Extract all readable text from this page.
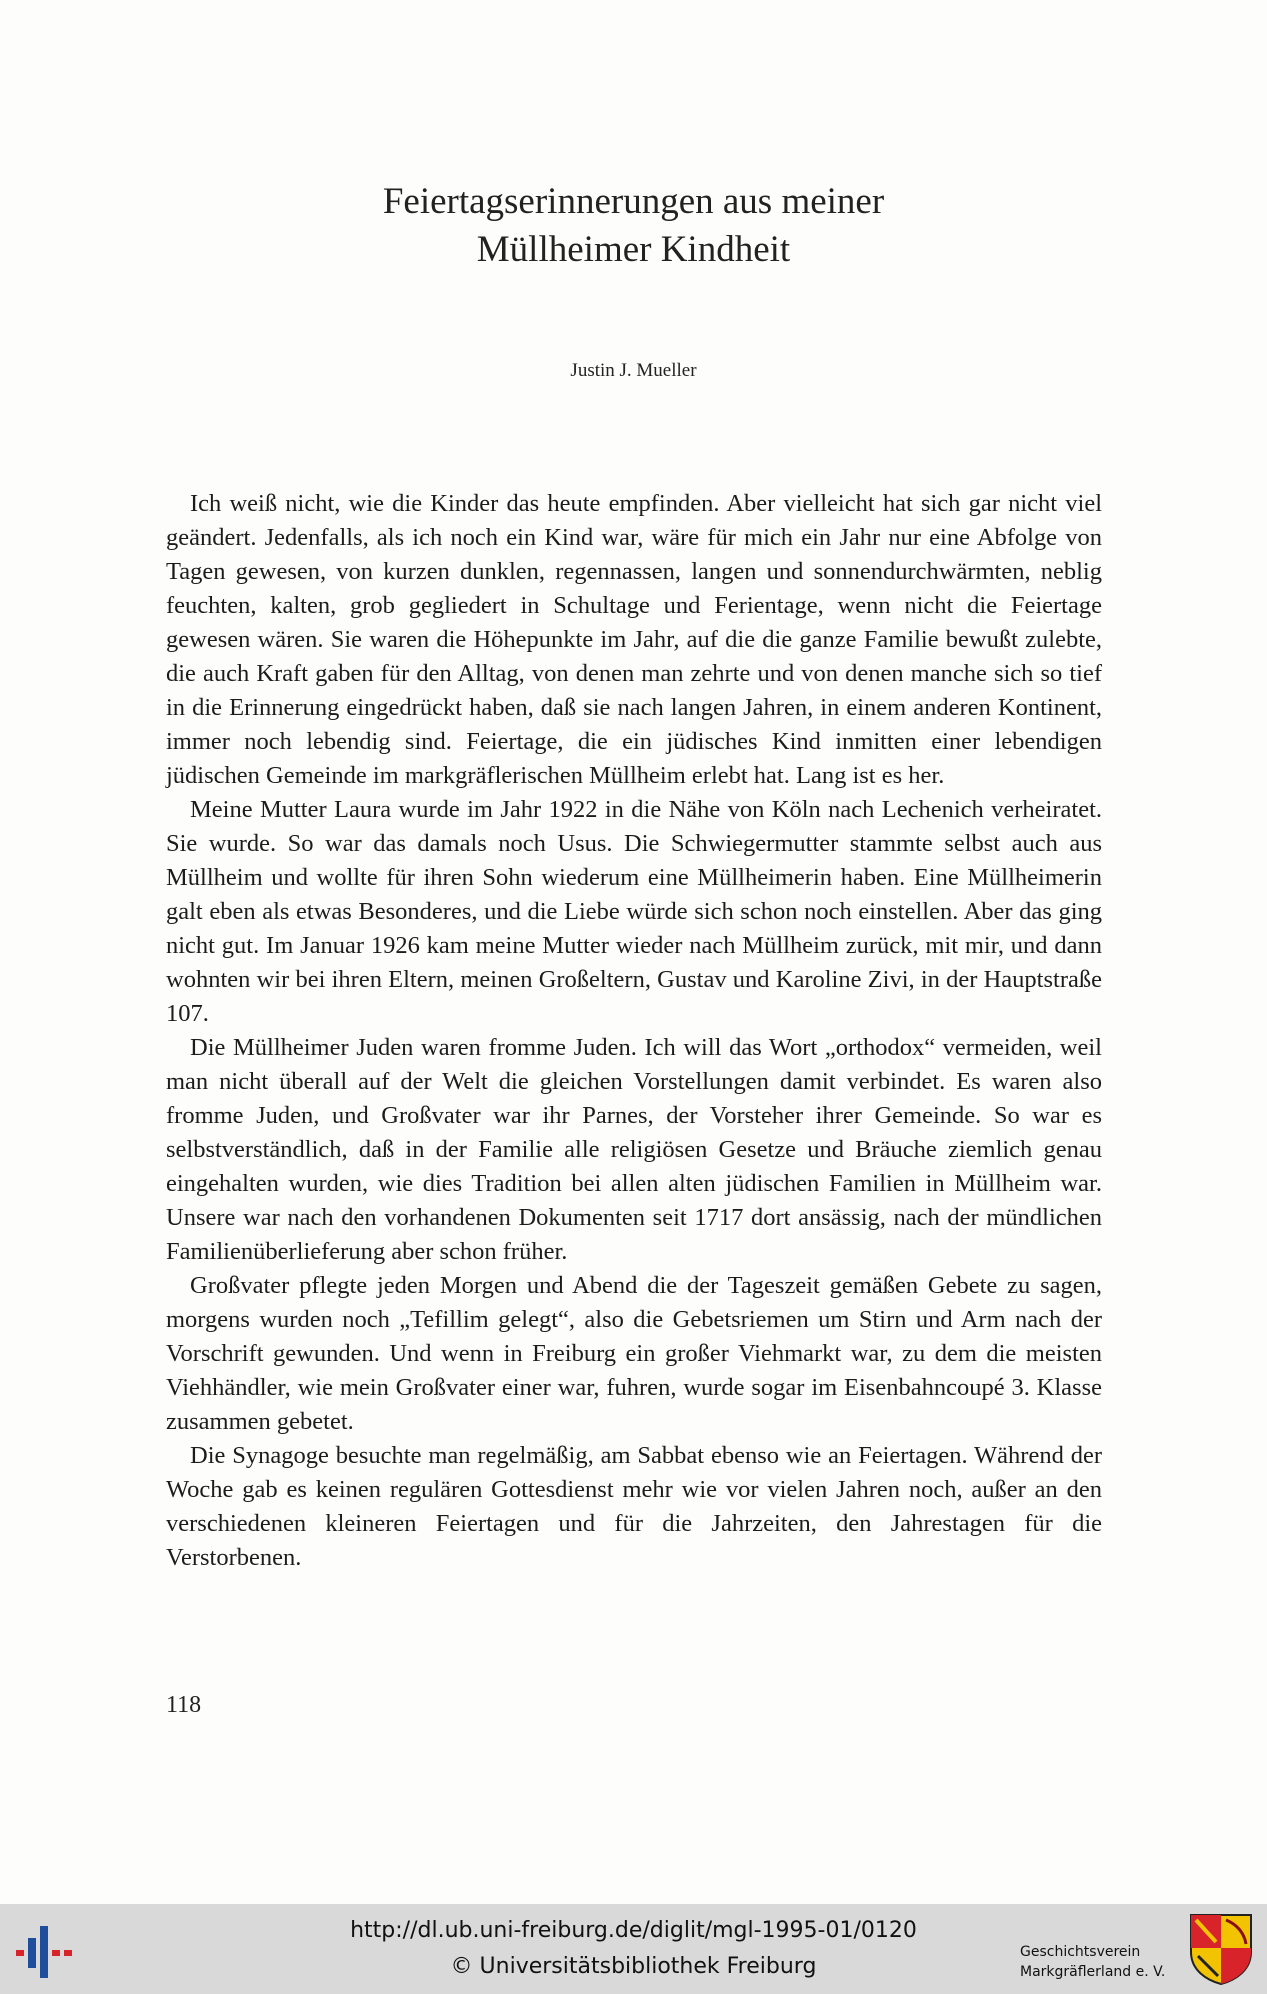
Feiertagserinnerungen aus meiner
Müllheimer Kindheit
Justin J. Mueller

Ich weiß nicht, wie die Kinder das heute empfinden. Aber vielleicht hat sich gar nicht viel geändert. Jedenfalls, als ich noch ein Kind war, wäre für mich ein Jahr nur eine Abfolge von Tagen gewesen, von kurzen dunklen, regennassen, langen und sonnendurchwärmten, neblig feuchten, kalten, grob gegliedert in Schultage und Ferientage, wenn nicht die Feiertage gewesen wären. Sie waren die Höhepunkte im Jahr, auf die die ganze Familie bewußt zulebte, die auch Kraft gaben für den Alltag, von denen man zehrte und von denen manche sich so tief in die Erinnerung eingedrückt haben, daß sie nach langen Jahren, in einem anderen Kontinent, immer noch lebendig sind. Feiertage, die ein jüdisches Kind inmitten einer lebendigen jüdischen Gemeinde im markgräflerischen Müllheim erlebt hat. Lang ist es her.

Meine Mutter Laura wurde im Jahr 1922 in die Nähe von Köln nach Lechenich verheiratet. Sie wurde. So war das damals noch Usus. Die Schwiegermutter stammte selbst auch aus Müllheim und wollte für ihren Sohn wiederum eine Müllheimerin haben. Eine Müllheimerin galt eben als etwas Besonderes, und die Liebe würde sich schon noch einstellen. Aber das ging nicht gut. Im Januar 1926 kam meine Mutter wieder nach Müllheim zurück, mit mir, und dann wohnten wir bei ihren Eltern, meinen Großeltern, Gustav und Karoline Zivi, in der Hauptstraße 107.

Die Müllheimer Juden waren fromme Juden. Ich will das Wort „orthodox“ vermeiden, weil man nicht überall auf der Welt die gleichen Vorstellungen damit verbindet. Es waren also fromme Juden, und Großvater war ihr Parnes, der Vorsteher ihrer Gemeinde. So war es selbstverständlich, daß in der Familie alle religiösen Gesetze und Bräuche ziemlich genau eingehalten wurden, wie dies Tradition bei allen alten jüdischen Familien in Müllheim war. Unsere war nach den vorhandenen Dokumenten seit 1717 dort ansässig, nach der mündlichen Familienüberlieferung aber schon früher.

Großvater pflegte jeden Morgen und Abend die der Tageszeit gemäßen Gebete zu sagen, morgens wurden noch „Tefillim gelegt“, also die Gebetsriemen um Stirn und Arm nach der Vorschrift gewunden. Und wenn in Freiburg ein großer Viehmarkt war, zu dem die meisten Viehhändler, wie mein Großvater einer war, fuhren, wurde sogar im Eisenbahncoupé 3. Klasse zusammen gebetet.

Die Synagoge besuchte man regelmäßig, am Sabbat ebenso wie an Feiertagen. Während der Woche gab es keinen regulären Gottesdienst mehr wie vor vielen Jahren noch, außer an den verschiedenen kleineren Feiertagen und für die Jahrzeiten, den Jahrestagen für die Verstorbenen.

118
http://dl.ub.uni-freiburg.de/diglit/mgl-1995-01/0120
© Universitätsbibliothek Freiburg
Geschichtsverein
Markgräflerland e. V.
